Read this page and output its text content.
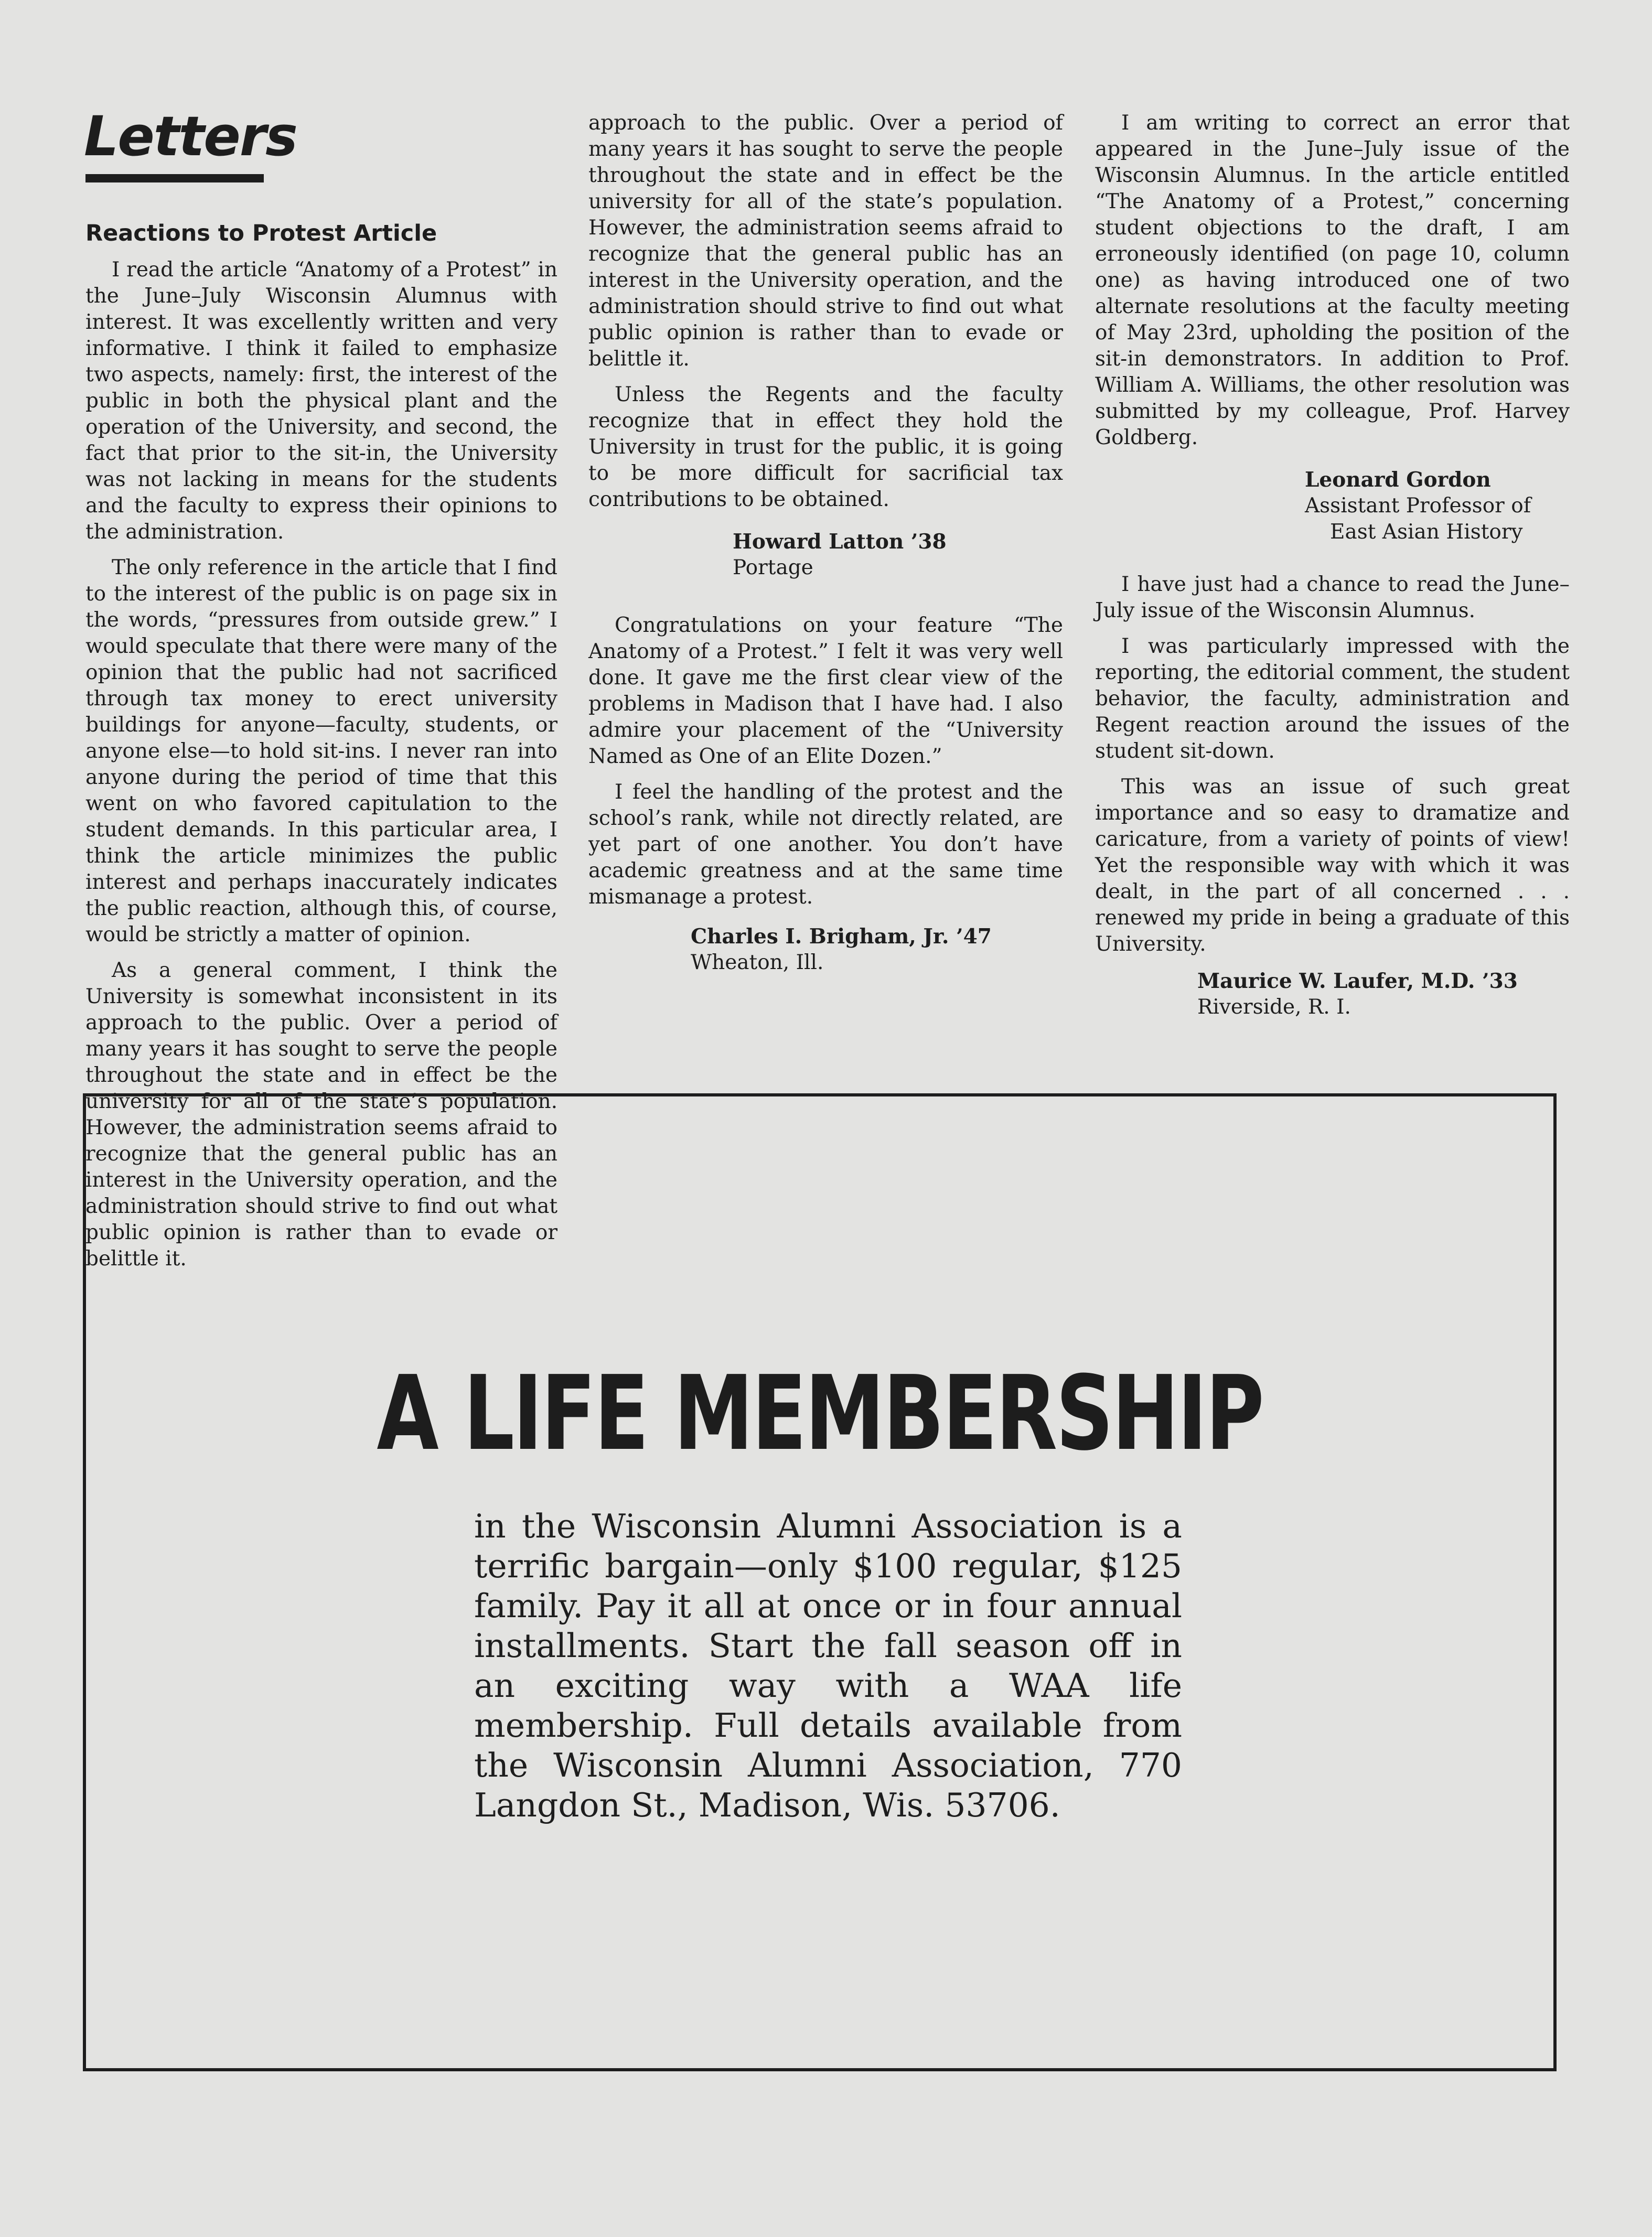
Letters
Reactions to Protest Article

I read the article “Anatomy of a Protest” in the June–July Wisconsin Alumnus with interest. It was excellently written and very informative. I think it failed to emphasize two aspects, namely: first, the interest of the public in both the physical plant and the operation of the University, and second, the fact that prior to the sit-in, the University was not lacking in means for the students and the faculty to express their opinions to the administration.

The only reference in the article that I find to the interest of the public is on page six in the words, “pressures from outside grew.” I would speculate that there were many of the opinion that the public had not sacrificed through tax money to erect university buildings for anyone—faculty, students, or anyone else—to hold sit-ins. I never ran into anyone during the period of time that this went on who favored capitulation to the student demands. In this particular area, I think the article minimizes the public interest and perhaps inaccurately indicates the public reaction, although this, of course, would be strictly a matter of opinion.

As a general comment, I think the University is somewhat inconsistent in its approach to the public. Over a period of many years it has sought to serve the people throughout the state and in effect be the university for all of the state’s population. However, the administration seems afraid to recognize that the general public has an interest in the University operation, and the administration should strive to find out what public opinion is rather than to evade or belittle it.

approach to the public. Over a period of many years it has sought to serve the people throughout the state and in effect be the university for all of the state’s population. However, the administration seems afraid to recognize that the general public has an interest in the University operation, and the administration should strive to find out what public opinion is rather than to evade or belittle it.

Unless the Regents and the faculty recognize that in effect they hold the University in trust for the public, it is going to be more difficult for sacrificial tax contributions to be obtained.

Howard Latton ’38
Portage

Congratulations on your feature “The Anatomy of a Protest.” I felt it was very well done. It gave me the first clear view of the problems in Madison that I have had. I also admire your placement of the “University Named as One of an Elite Dozen.”

I feel the handling of the protest and the school’s rank, while not directly related, are yet part of one another. You don’t have academic greatness and at the same time mismanage a protest.

Charles I. Brigham, Jr. ’47
Wheaton, Ill.

I am writing to correct an error that appeared in the June–July issue of the Wisconsin Alumnus. In the article entitled “The Anatomy of a Protest,” concerning student objections to the draft, I am erroneously identified (on page 10, column one) as having introduced one of two alternate resolutions at the faculty meeting of May 23rd, upholding the position of the sit-in demonstrators. In addition to Prof. William A. Williams, the other resolution was submitted by my colleague, Prof. Harvey Goldberg.

Leonard Gordon
Assistant Professor of
East Asian History

I have just had a chance to read the June–July issue of the Wisconsin Alumnus.

I was particularly impressed with the reporting, the editorial comment, the student behavior, the faculty, administration and Regent reaction around the issues of the student sit-down.

This was an issue of such great importance and so easy to dramatize and caricature, from a variety of points of view! Yet the responsible way with which it was dealt, in the part of all concerned . . . renewed my pride in being a graduate of this University.

Maurice W. Laufer, M.D. ’33
Riverside, R. I.
A LIFE MEMBERSHIP

in the Wisconsin Alumni Association is a terrific bargain—only $100 regular, $125 family. Pay it all at once or in four annual installments. Start the fall season off in an exciting way with a WAA life membership. Full details available from the Wisconsin Alumni Association, 770 Langdon St., Madison, Wis. 53706.
